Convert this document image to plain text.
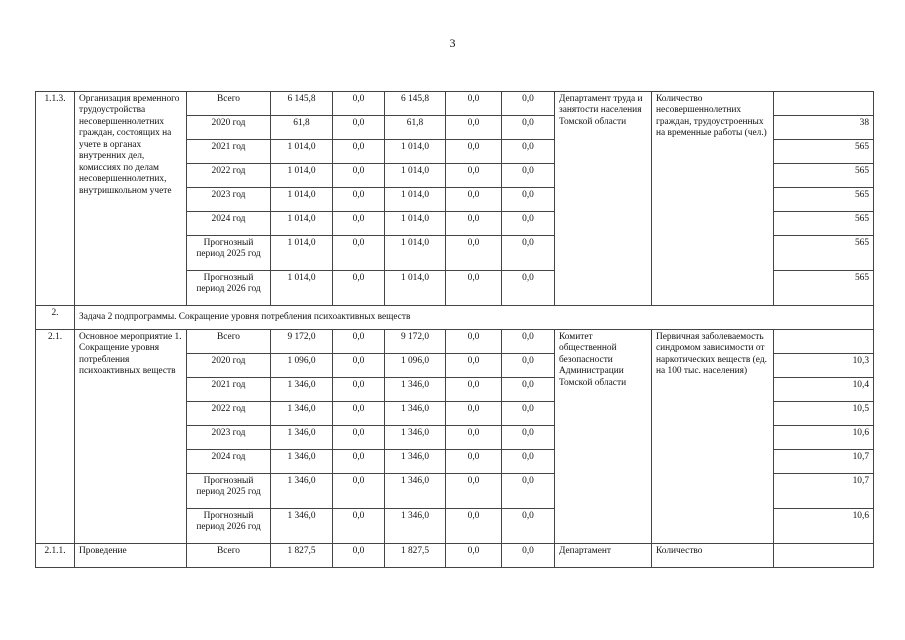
3
1.1.3.	Организация временного трудоустройства несовершеннолетних граждан, состоящих на учете в органах внутренних дел, комиссиях по делам несовершеннолетних, внутришкольном учете	Всего	6 145,8	0,0	6 145,8	0,0	0,0	Департамент труда и занятости населения Томской области	Количество несовершеннолетних граждан, трудоустроенных на временные работы (чел.)	
		2020 год	61,8	0,0	61,8	0,0	0,0			38
		2021 год	1 014,0	0,0	1 014,0	0,0	0,0			565
		2022 год	1 014,0	0,0	1 014,0	0,0	0,0			565
		2023 год	1 014,0	0,0	1 014,0	0,0	0,0			565
		2024 год	1 014,0	0,0	1 014,0	0,0	0,0			565
		Прогнозный период 2025 год	1 014,0	0,0	1 014,0	0,0	0,0			565
		Прогнозный период 2026 год	1 014,0	0,0	1 014,0	0,0	0,0			565
2.	Задача 2 подпрограммы. Сокращение уровня потребления психоактивных веществ									
2.1.	Основное мероприятие 1. Сокращение уровня потребления психоактивных веществ	Всего	9 172,0	0,0	9 172,0	0,0	0,0	Комитет общественной безопасности Администрации Томской области	Первичная заболеваемость синдромом зависимости от наркотических веществ (ед. на 100 тыс. населения)	
		2020 год	1 096,0	0,0	1 096,0	0,0	0,0			10,3
		2021 год	1 346,0	0,0	1 346,0	0,0	0,0			10,4
		2022 год	1 346,0	0,0	1 346,0	0,0	0,0			10,5
		2023 год	1 346,0	0,0	1 346,0	0,0	0,0			10,6
		2024 год	1 346,0	0,0	1 346,0	0,0	0,0			10,7
		Прогнозный период 2025 год	1 346,0	0,0	1 346,0	0,0	0,0			10,7
		Прогнозный период 2026 год	1 346,0	0,0	1 346,0	0,0	0,0			10,6
2.1.1.	Проведение	Всего	1 827,5	0,0	1 827,5	0,0	0,0	Департамент	Количество	
